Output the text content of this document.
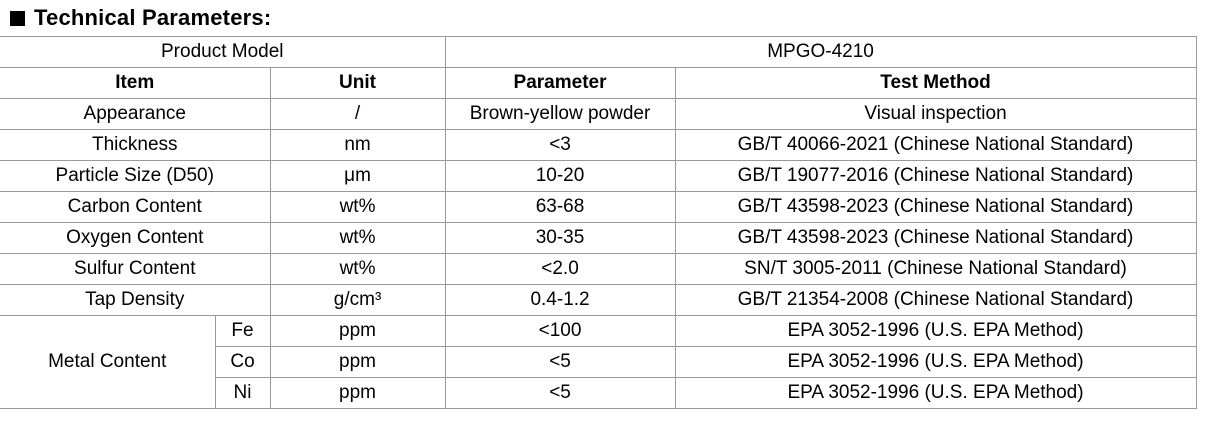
Technical Parameters:
Product Model			MPGO-4210	
Item		Unit	Parameter	Test Method
Appearance		/	Brown-yellow powder	Visual inspection
Thickness		nm	<3	GB/T 40066-2021 (Chinese National Standard)
Particle Size (D50)		μm	10-20	GB/T 19077-2016 (Chinese National Standard)
Carbon Content		wt%	63-68	GB/T 43598-2023 (Chinese National Standard)
Oxygen Content		wt%	30-35	GB/T 43598-2023 (Chinese National Standard)
Sulfur Content		wt%	<2.0	SN/T 3005-2011 (Chinese National Standard)
Tap Density		g/cm³	0.4-1.2	GB/T 21354-2008 (Chinese National Standard)
Metal Content	Fe	ppm	<100	EPA 3052-1996 (U.S. EPA Method)
	Co	ppm	<5	EPA 3052-1996 (U.S. EPA Method)
	Ni	ppm	<5	EPA 3052-1996 (U.S. EPA Method)
